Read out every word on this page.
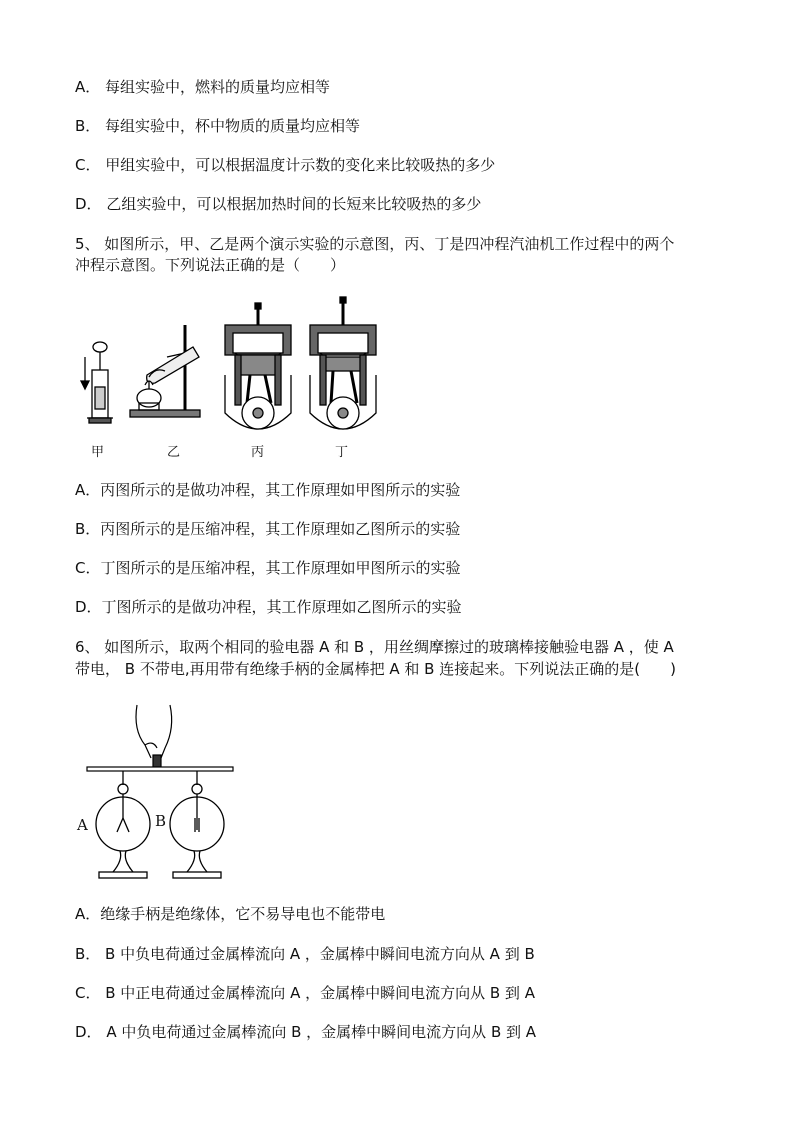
A． 每组实验中，燃料的质量均应相等
B． 每组实验中，杯中物质的质量均应相等
C． 甲组实验中，可以根据温度计示数的变化来比较吸热的多少
D． 乙组实验中，可以根据加热时间的长短来比较吸热的多少
5、 如图所示，甲、乙是两个演示实验的示意图，丙、丁是四冲程汽油机工作过程中的两个
冲程示意图。下列说法正确的是（　　）
甲	乙	丙	丁
A．丙图所示的是做功冲程，其工作原理如甲图所示的实验
B．丙图所示的是压缩冲程，其工作原理如乙图所示的实验
C．丁图所示的是压缩冲程，其工作原理如甲图所示的实验
D．丁图所示的是做功冲程，其工作原理如乙图所示的实验
6、 如图所示，取两个相同的验电器 A 和 B ，用丝绸摩擦过的玻璃棒接触验电器 A ，使 A
带电， B 不带电,再用带有绝缘手柄的金属棒把 A 和 B 连接起来。下列说法正确的是(　　)
A	B
A．绝缘手柄是绝缘体，它不易导电也不能带电
B． B 中负电荷通过金属棒流向 A ，金属棒中瞬间电流方向从 A 到 B
C． B 中正电荷通过金属棒流向 A ，金属棒中瞬间电流方向从 B 到 A
D． A 中负电荷通过金属棒流向 B ，金属棒中瞬间电流方向从 B 到 A
